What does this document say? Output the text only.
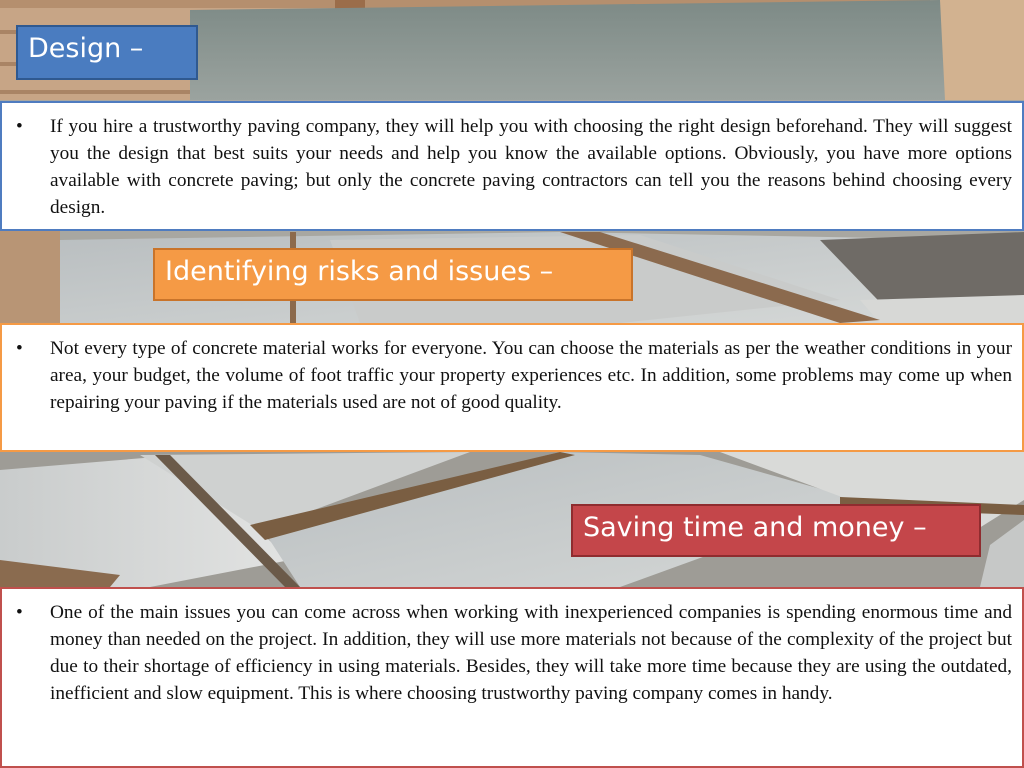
Design –
•	If you hire a trustworthy paving company, they will help you with choosing the right design beforehand. They will suggest you the design that best suits your needs and help you know the available options. Obviously, you have more options available with concrete paving; but only the concrete paving contractors can tell you the reasons behind choosing every design.
Identifying risks and issues –
•	Not every type of concrete material works for everyone. You can choose the materials as per the weather conditions in your area, your budget, the volume of foot traffic your property experiences etc. In addition, some problems may come up when repairing your paving if the materials used are not of good quality.
Saving time and money –
•	One of the main issues you can come across when working with inexperienced companies is spending enormous time and money than needed on the project. In addition, they will use more materials not because of the complexity of the project but due to their shortage of efficiency in using materials. Besides, they will take more time because they are using the outdated, inefficient and slow equipment. This is where choosing trustworthy paving company comes in handy.
